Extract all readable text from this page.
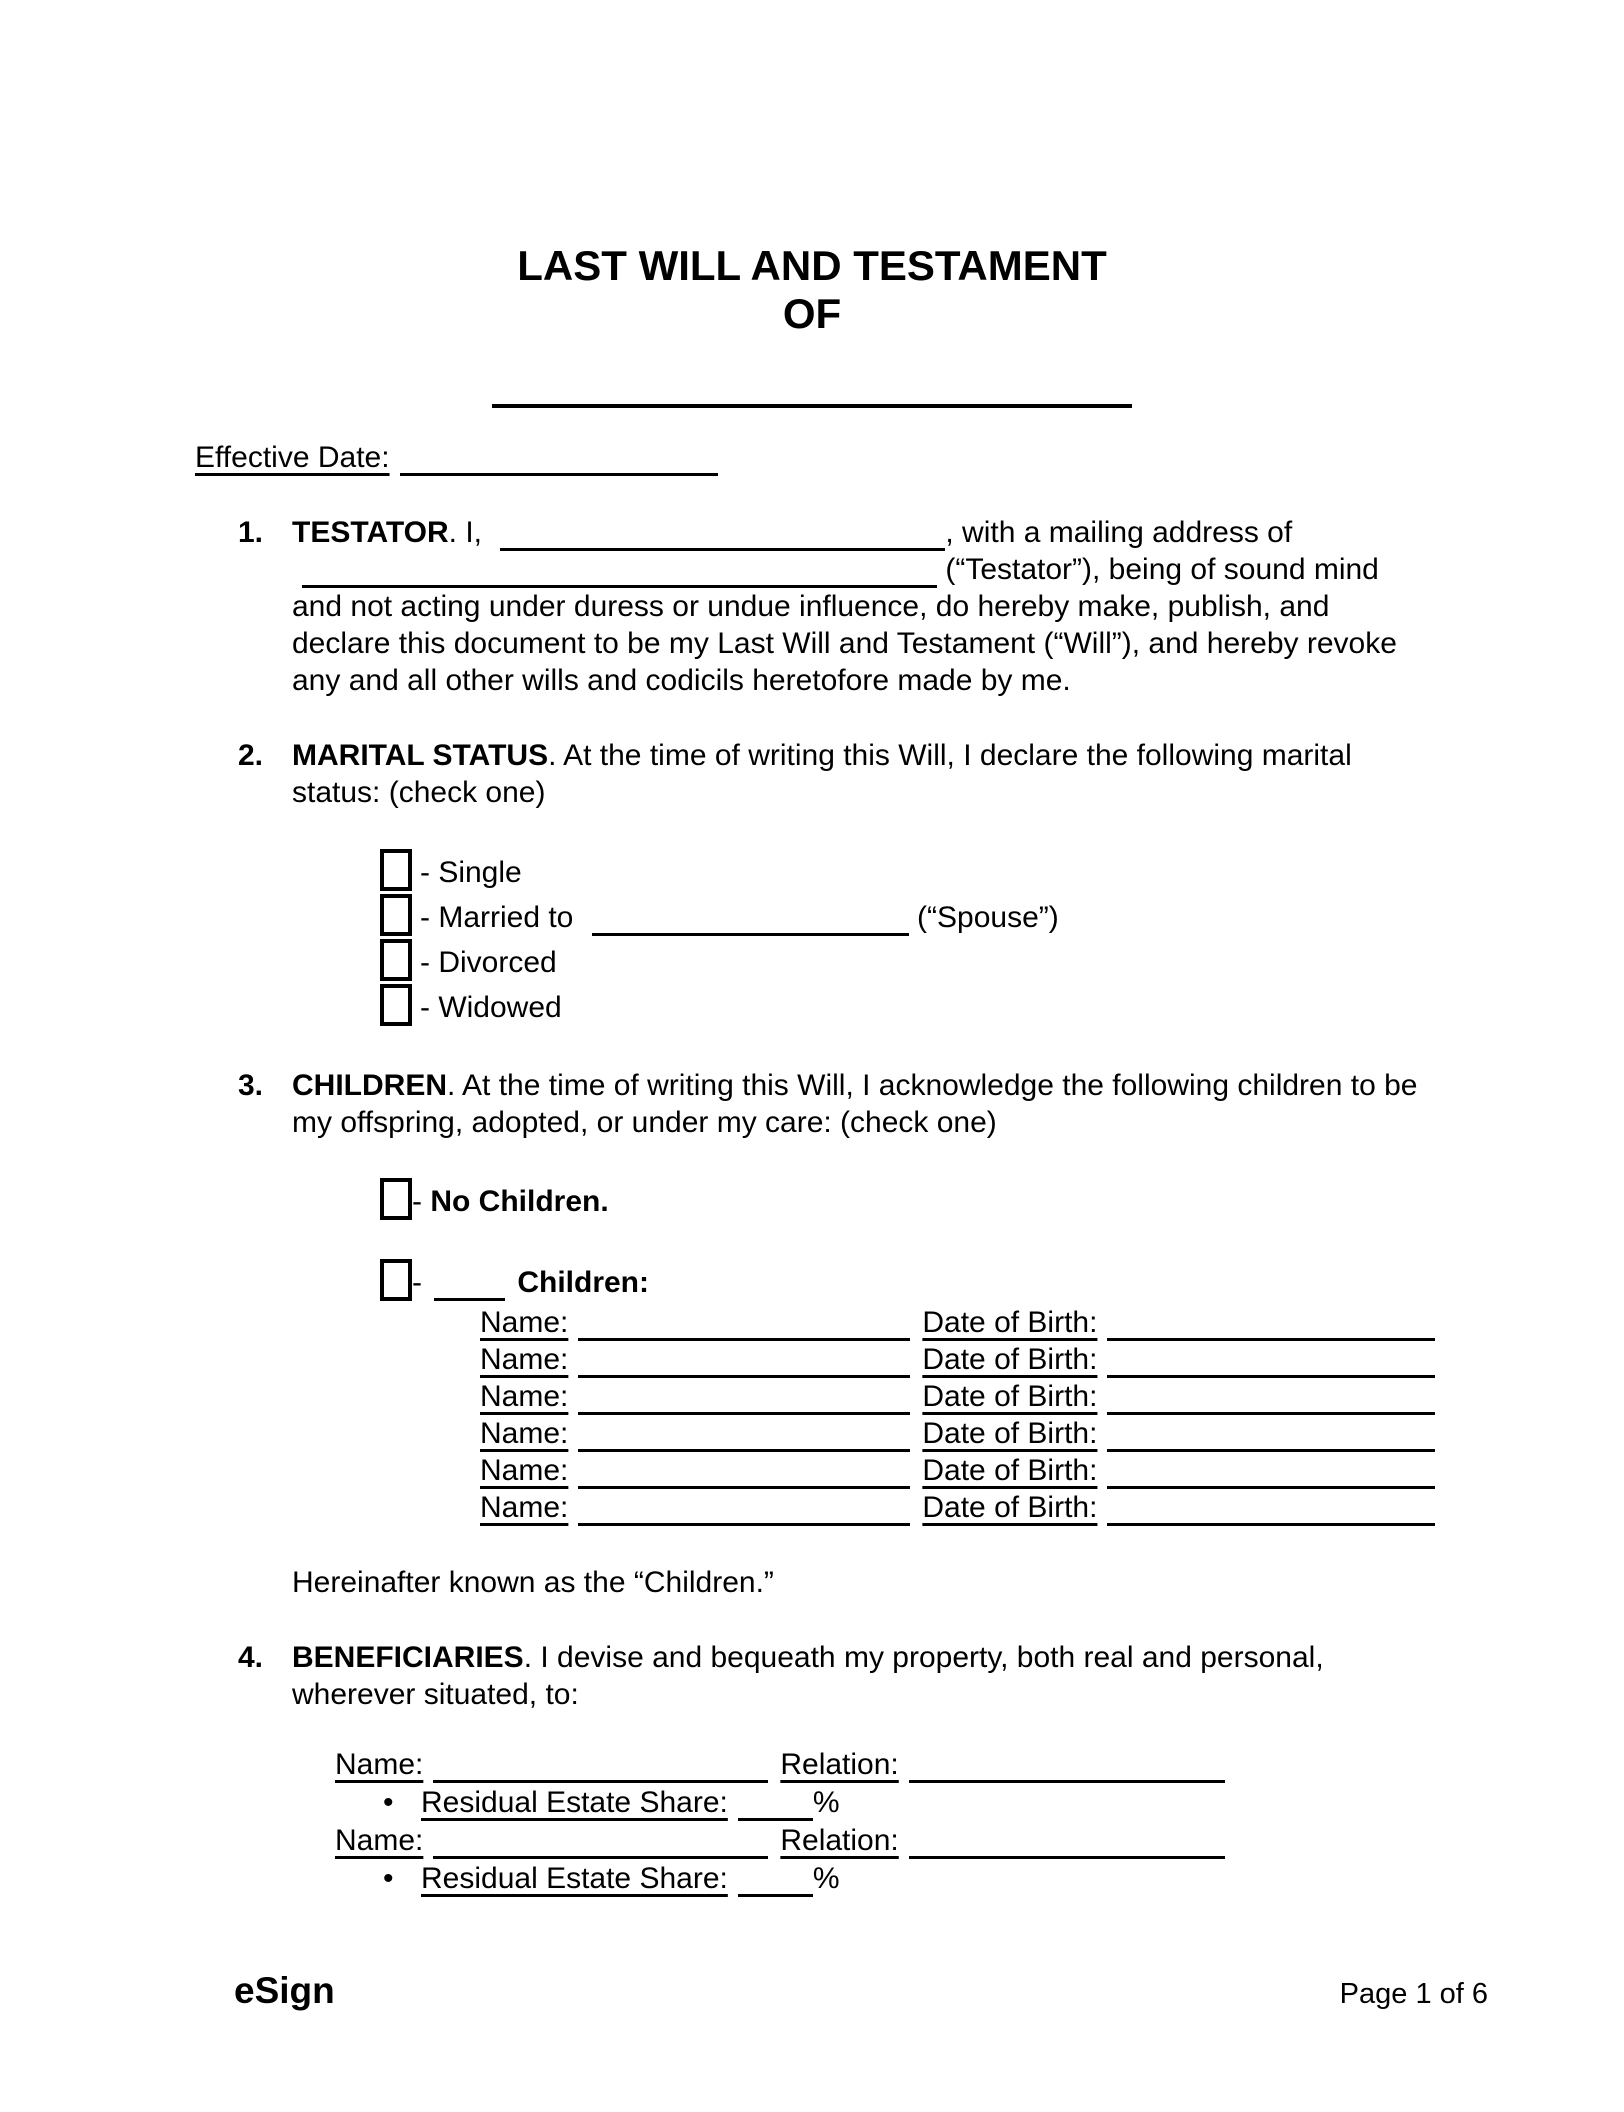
LAST WILL AND TESTAMENT
OF
Effective Date:
1. TESTATOR. I,	, with a mailing address of  (“Testator”), being of sound mind and not acting under duress or undue influence, do hereby make, publish, and declare this document to be my Last Will and Testament (“Will”), and hereby revoke any and all other wills and codicils heretofore made by me.
2. MARITAL STATUS. At the time of writing this Will, I declare the following marital status: (check one)
- Single
- Married to	(“Spouse”)
- Divorced
- Widowed
3. CHILDREN. At the time of writing this Will, I acknowledge the following children to be my offspring, adopted, or under my care: (check one)
- No Children.
-	Children:
Name:	Date of Birth:
Name:	Date of Birth:
Name:	Date of Birth:
Name:	Date of Birth:
Name:	Date of Birth:
Name:	Date of Birth:
Hereinafter known as the “Children.”
4. BENEFICIARIES. I devise and bequeath my property, both real and personal, wherever situated, to:
Name:	Relation:
• Residual Estate Share:	%
Name:	Relation:
• Residual Estate Share:	%
eSign	Page 1 of 6
